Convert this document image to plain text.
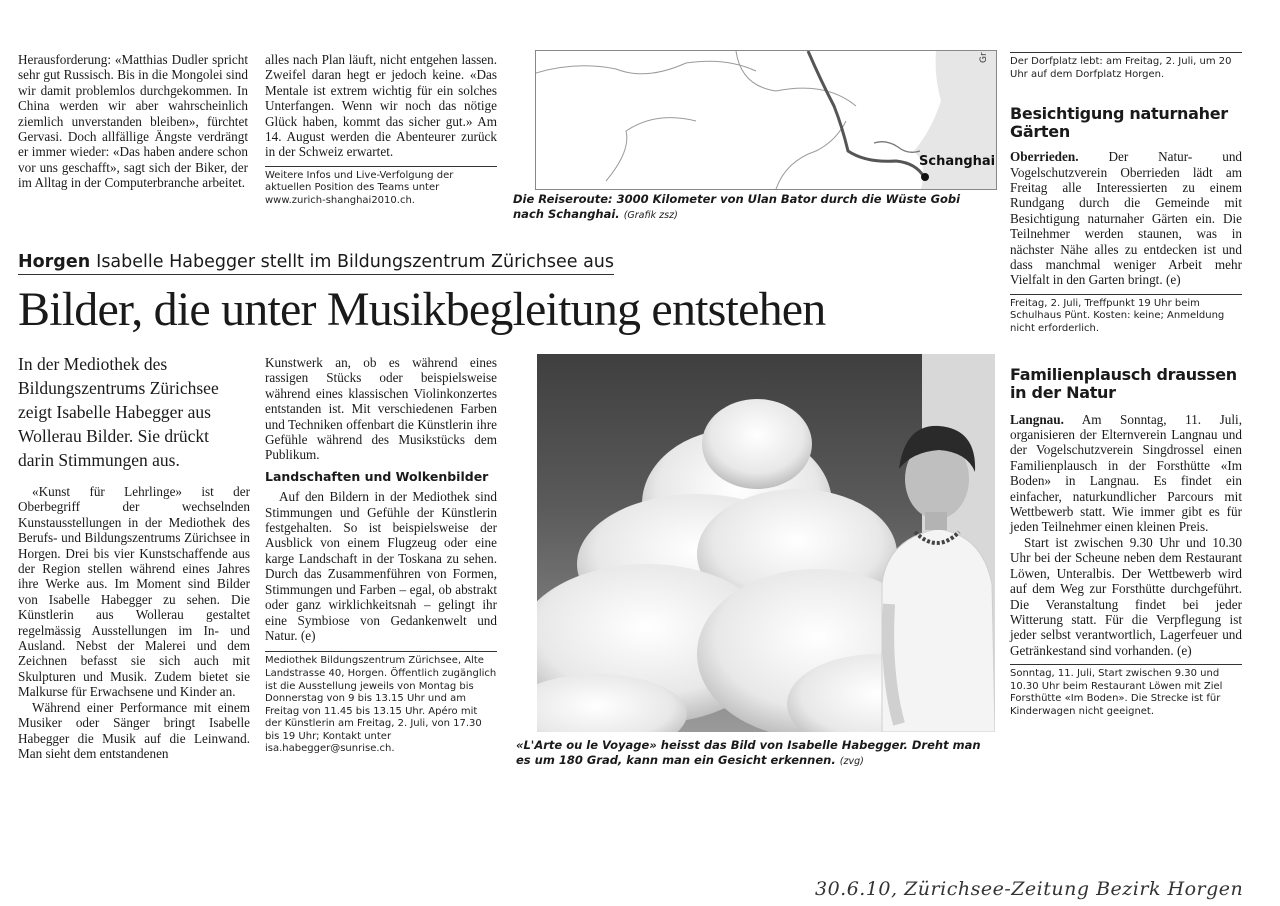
Herausforderung: «Matthias Dudler spricht sehr gut Russisch. Bis in die Mongolei sind wir damit problemlos durchgekommen. In China werden wir aber wahrscheinlich ziemlich unverstanden bleiben», fürchtet Gervasi. Doch allfällige Ängste verdrängt er immer wieder: «Das haben andere schon vor uns geschafft», sagt sich der Biker, der im Alltag in der Computerbranche arbeitet.

alles nach Plan läuft, nicht entgehen lassen. Zweifel daran hegt er jedoch keine. «Das Mentale ist extrem wichtig für ein solches Unterfangen. Wenn wir noch das nötige Glück haben, kommt das sicher gut.» Am 14. August werden die Abenteurer zurück in der Schweiz erwartet.

Weitere Infos und Live-Verfolgung der aktuellen Position des Teams unter www.zurich-shanghai2010.ch.
Schanghai
Gr
Die Reiseroute: 3000 Kilometer von Ulan Bator durch die Wüste Gobi nach Schanghai. (Grafik zsz)
Horgen Isabelle Habegger stellt im Bildungszentrum Zürichsee aus
Bilder, die unter Musikbegleitung entstehen
In der Mediothek des Bildungszentrums Zürichsee zeigt Isabelle Habegger aus Wollerau Bilder. Sie drückt darin Stimmungen aus.

«Kunst für Lehrlinge» ist der Oberbegriff der wechselnden Kunstausstellungen in der Mediothek des Berufs- und Bildungszentrums Zürichsee in Horgen. Drei bis vier Kunstschaffende aus der Region stellen während eines Jahres ihre Werke aus. Im Moment sind Bilder von Isabelle Habegger zu sehen. Die Künstlerin aus Wollerau gestaltet regelmässig Ausstellungen im In- und Ausland. Nebst der Malerei und dem Zeichnen befasst sie sich auch mit Skulpturen und Musik. Zudem bietet sie Malkurse für Erwachsene und Kinder an.

Während einer Performance mit einem Musiker oder Sänger bringt Isabelle Habegger die Musik auf die Leinwand. Man sieht dem entstandenen

Kunstwerk an, ob es während eines rassigen Stücks oder beispielsweise während eines klassischen Violinkonzertes entstanden ist. Mit verschiedenen Farben und Techniken offenbart die Künstlerin ihre Gefühle während des Musikstücks dem Publikum.

Landschaften und Wolkenbilder

Auf den Bildern in der Mediothek sind Stimmungen und Gefühle der Künstlerin festgehalten. So ist beispielsweise der Ausblick von einem Flugzeug oder eine karge Landschaft in der Toskana zu sehen. Durch das Zusammenführen von Formen, Stimmungen und Farben – egal, ob abstrakt oder ganz wirklichkeitsnah – gelingt ihr eine Symbiose von Gedankenwelt und Natur. (e)

Mediothek Bildungszentrum Zürichsee, Alte Landstrasse 40, Horgen. Öffentlich zugänglich ist die Ausstellung jeweils von Montag bis Donnerstag von 9 bis 13.15 Uhr und am Freitag von 11.45 bis 13.15 Uhr. Apéro mit der Künstlerin am Freitag, 2. Juli, von 17.30 bis 19 Uhr; Kontakt unter isa.habegger@sunrise.ch.	«L'Arte ou le Voyage» heisst das Bild von Isabelle Habegger. Dreht man es um 180 Grad, kann man ein Gesicht erkennen. (zvg)
Der Dorfplatz lebt: am Freitag, 2. Juli, um 20 Uhr auf dem Dorfplatz Horgen.
Besichtigung naturnaher Gärten

Oberrieden. Der Natur- und Vogelschutzverein Oberrieden lädt am Freitag alle Interessierten zu einem Rundgang durch die Gemeinde mit Besichtigung naturnaher Gärten ein. Die Teilnehmer werden staunen, was in nächster Nähe alles zu entdecken ist und dass manchmal weniger Arbeit mehr Vielfalt in den Garten bringt. (e)

Freitag, 2. Juli, Treffpunkt 19 Uhr beim Schulhaus Pünt. Kosten: keine; Anmeldung nicht erforderlich.
Familienplausch draussen in der Natur

Langnau. Am Sonntag, 11. Juli, organisieren der Elternverein Langnau und der Vogelschutzverein Singdrossel einen Familienplausch in der Forsthütte «Im Boden» in Langnau. Es findet ein einfacher, naturkundlicher Parcours mit Wettbewerb statt. Wie immer gibt es für jeden Teilnehmer einen kleinen Preis.

Start ist zwischen 9.30 Uhr und 10.30 Uhr bei der Scheune neben dem Restaurant Löwen, Unteralbis. Der Wettbewerb wird auf dem Weg zur Forsthütte durchgeführt. Die Veranstaltung findet bei jeder Witterung statt. Für die Verpflegung ist jeder selbst verantwortlich, Lagerfeuer und Getränkestand sind vorhanden. (e)

Sonntag, 11. Juli, Start zwischen 9.30 und 10.30 Uhr beim Restaurant Löwen mit Ziel Forsthütte «Im Boden». Die Strecke ist für Kinderwagen nicht geeignet.
30.6.10, Zürichsee-Zeitung Bezirk Horgen
